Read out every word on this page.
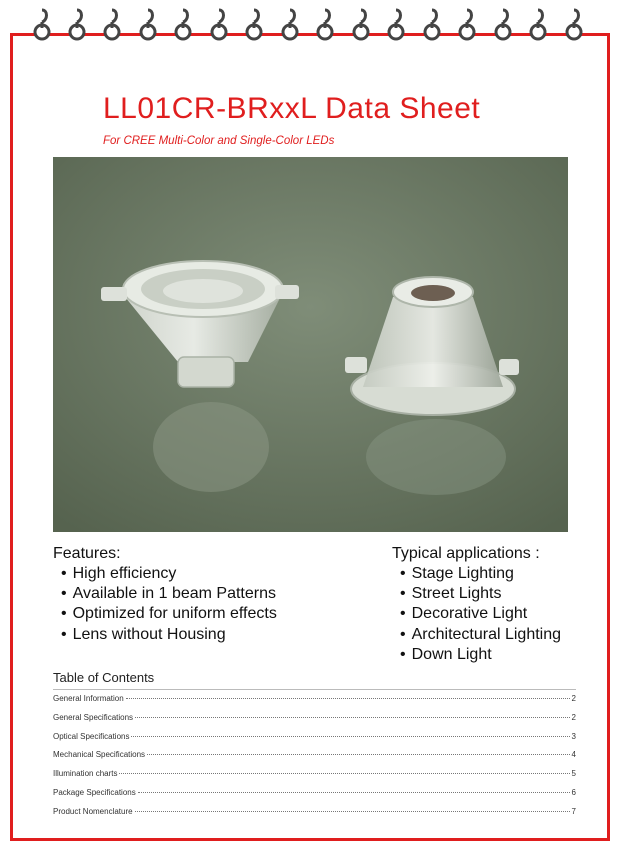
LL01CR-BRxxL Data Sheet
For CREE Multi-Color and Single-Color LEDs
Features:
• High efficiency
• Available in 1 beam Patterns
• Optimized for uniform effects
• Lens without Housing
Typical applications :
• Stage Lighting
• Street Lights
• Decorative Light
• Architectural Lighting
• Down Light
Table of Contents
General Information	2
General Specifications	2
Optical Specifications	3
Mechanical Specifications	4
Illumination charts	5
Package Specifications	6
Product Nomenclature	7
